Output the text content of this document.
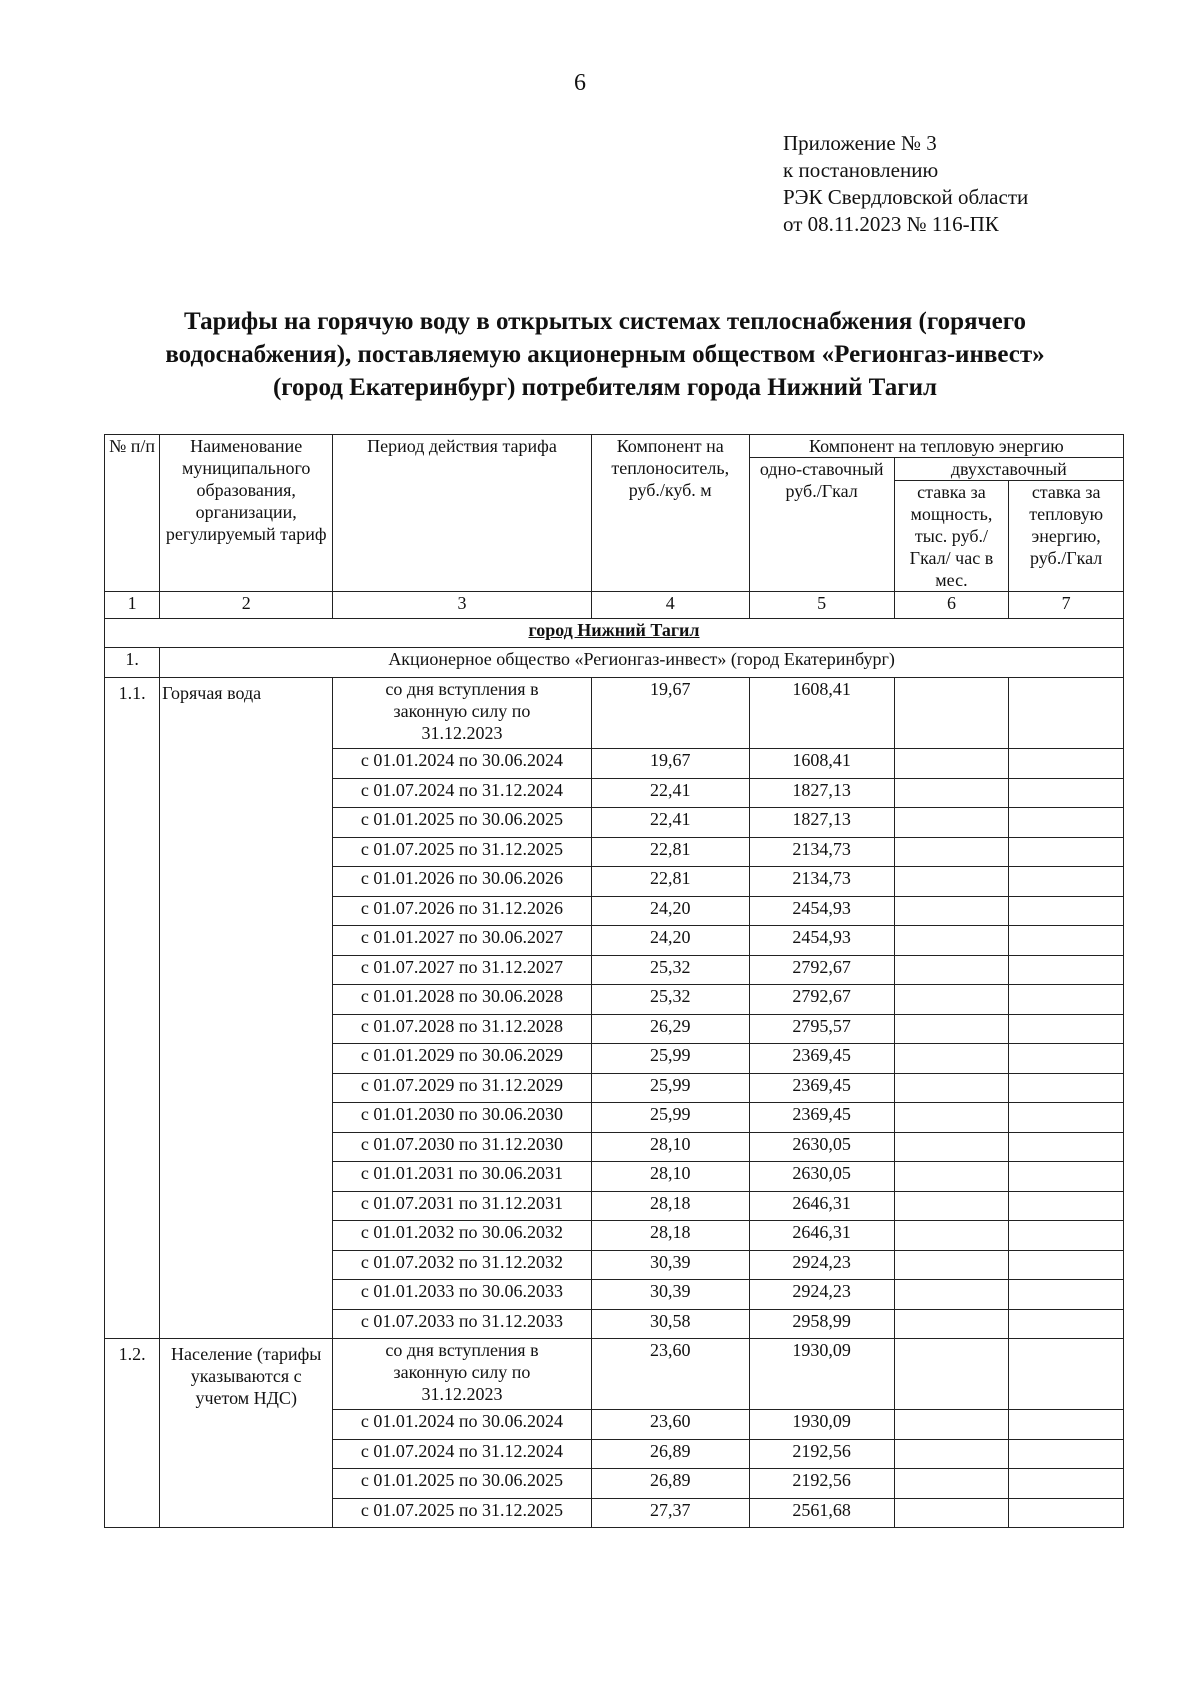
6
Приложение № 3
к постановлению
РЭК Свердловской области
от 08.11.2023 № 116-ПК
Тарифы на горячую воду в открытых системах теплоснабжения (горячего
водоснабжения), поставляемую акционерным обществом «Регионгаз-инвест»
(город Екатеринбург) потребителям города Нижний Тагил
№ п/п	Наименование муниципального образования, организации, регулируемый тариф	Период действия тарифа	Компонент на теплоноситель, руб./куб. м	Компонент на тепловую энергию		
				одно-ставочный руб./Гкал	двухставочный	
					ставка за мощность, тыс. руб./Гкал/ час в мес.	ставка за тепловую энергию, руб./Гкал
1	2	3	4	5	6	7
город Нижний Тагил						
1.	Акционерное общество «Регионгаз-инвест» (город Екатеринбург)					
1.1.	Горячая вода	со дня вступления в законную силу по 31.12.2023	19,67	1608,41		
		с 01.01.2024 по 30.06.2024	19,67	1608,41		
		с 01.07.2024 по 31.12.2024	22,41	1827,13		
		с 01.01.2025 по 30.06.2025	22,41	1827,13		
		с 01.07.2025 по 31.12.2025	22,81	2134,73		
		с 01.01.2026 по 30.06.2026	22,81	2134,73		
		с 01.07.2026 по 31.12.2026	24,20	2454,93		
		с 01.01.2027 по 30.06.2027	24,20	2454,93		
		с 01.07.2027 по 31.12.2027	25,32	2792,67		
		с 01.01.2028 по 30.06.2028	25,32	2792,67		
		с 01.07.2028 по 31.12.2028	26,29	2795,57		
		с 01.01.2029 по 30.06.2029	25,99	2369,45		
		с 01.07.2029 по 31.12.2029	25,99	2369,45		
		с 01.01.2030 по 30.06.2030	25,99	2369,45		
		с 01.07.2030 по 31.12.2030	28,10	2630,05		
		с 01.01.2031 по 30.06.2031	28,10	2630,05		
		с 01.07.2031 по 31.12.2031	28,18	2646,31		
		с 01.01.2032 по 30.06.2032	28,18	2646,31		
		с 01.07.2032 по 31.12.2032	30,39	2924,23		
		с 01.01.2033 по 30.06.2033	30,39	2924,23		
		с 01.07.2033 по 31.12.2033	30,58	2958,99		
1.2.	Население (тарифы указываются с учетом НДС)	со дня вступления в законную силу по 31.12.2023	23,60	1930,09		
		с 01.01.2024 по 30.06.2024	23,60	1930,09		
		с 01.07.2024 по 31.12.2024	26,89	2192,56		
		с 01.01.2025 по 30.06.2025	26,89	2192,56		
		с 01.07.2025 по 31.12.2025	27,37	2561,68		
